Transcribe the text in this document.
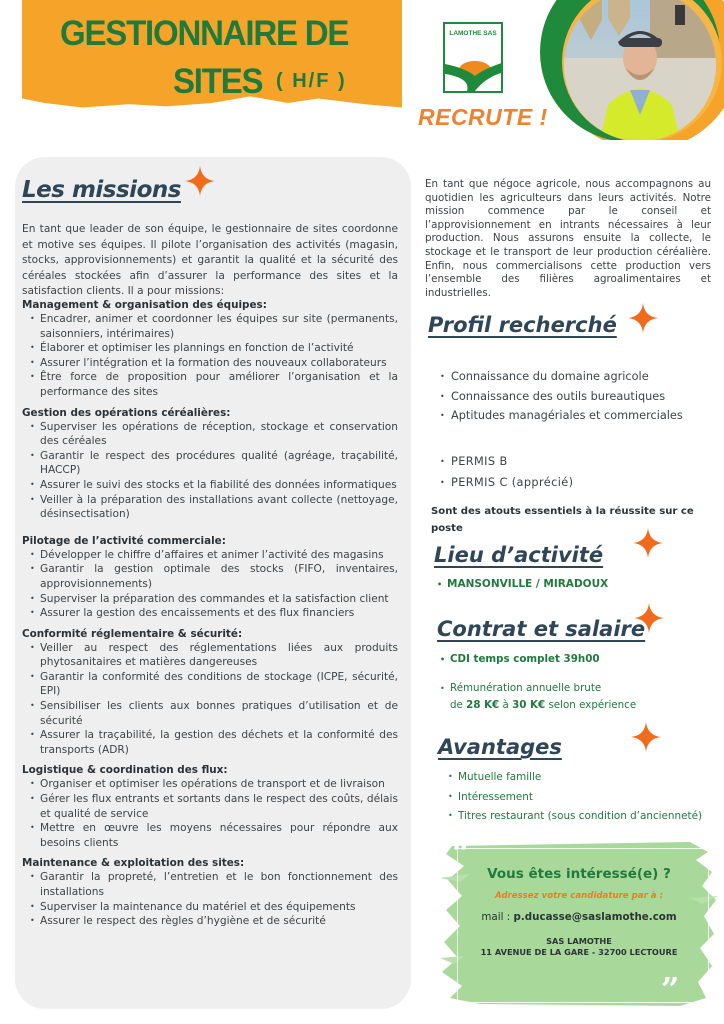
GESTIONNAIRE DE
SITES ( H/F )
LAMOTHE SAS
RECRUTE !
Les missions
En tant que leader de son équipe, le gestionnaire de sites coordonne et motive ses équipes. Il pilote l’organisation des activités (magasin, stocks, approvisionnements) et garantit la qualité et la sécurité des céréales stockées afin d’assurer la performance des sites et la satisfaction clients. Il a pour missions:
Management & organisation des équipes:
• Encadrer, animer et coordonner les équipes sur site (permanents, saisonniers, intérimaires)
• Élaborer et optimiser les plannings en fonction de l’activité
• Assurer l’intégration et la formation des nouveaux collaborateurs
• Être force de proposition pour améliorer l’organisation et la performance des sites
Gestion des opérations céréalières:
• Superviser les opérations de réception, stockage et conservation des céréales
• Garantir le respect des procédures qualité (agréage, traçabilité, HACCP)
• Assurer le suivi des stocks et la fiabilité des données informatiques
• Veiller à la préparation des installations avant collecte (nettoyage, désinsectisation)
Pilotage de l’activité commerciale:
• Développer le chiffre d’affaires et animer l’activité des magasins
• Garantir la gestion optimale des stocks (FIFO, inventaires, approvisionnements)
• Superviser la préparation des commandes et la satisfaction client
• Assurer la gestion des encaissements et des flux financiers
Conformité réglementaire & sécurité:
• Veiller au respect des réglementations liées aux produits phytosanitaires et matières dangereuses
• Garantir la conformité des conditions de stockage (ICPE, sécurité, EPI)
• Sensibiliser les clients aux bonnes pratiques d’utilisation et de sécurité
• Assurer la traçabilité, la gestion des déchets et la conformité des transports (ADR)
Logistique & coordination des flux:
• Organiser et optimiser les opérations de transport et de livraison
• Gérer les flux entrants et sortants dans le respect des coûts, délais et qualité de service
• Mettre en œuvre les moyens nécessaires pour répondre aux besoins clients
Maintenance & exploitation des sites:
• Garantir la propreté, l’entretien et le bon fonctionnement des installations
• Superviser la maintenance du matériel et des équipements
• Assurer le respect des règles d’hygiène et de sécurité
En tant que négoce agricole, nous accompagnons au quotidien les agriculteurs dans leurs activités. Notre mission commence par le conseil et l’approvisionnement en intrants nécessaires à leur production. Nous assurons ensuite la collecte, le stockage et le transport de leur production céréalière. Enfin, nous commercialisons cette production vers l’ensemble des filières agroalimentaires et industrielles.
Profil recherché
• Connaissance du domaine agricole
• Connaissance des outils bureautiques
• Aptitudes managériales et commerciales
• PERMIS B
• PERMIS C (apprécié)
Sont des atouts essentiels à la réussite sur ce poste
Lieu d’activité
• MANSONVILLE / MIRADOUX
Contrat et salaire
• CDI temps complet 39h00
• Rémunération annuelle brute
de 28 K€ à 30 K€ selon expérience
Avantages
• Mutuelle famille
• Intéressement
• Titres restaurant (sous condition d’ancienneté)
“
”
Vous êtes intéressé(e) ?
Adressez votre candidature par à :
mail : p.ducasse@saslamothe.com
SAS LAMOTHE
11 AVENUE DE LA GARE - 32700 LECTOURE
